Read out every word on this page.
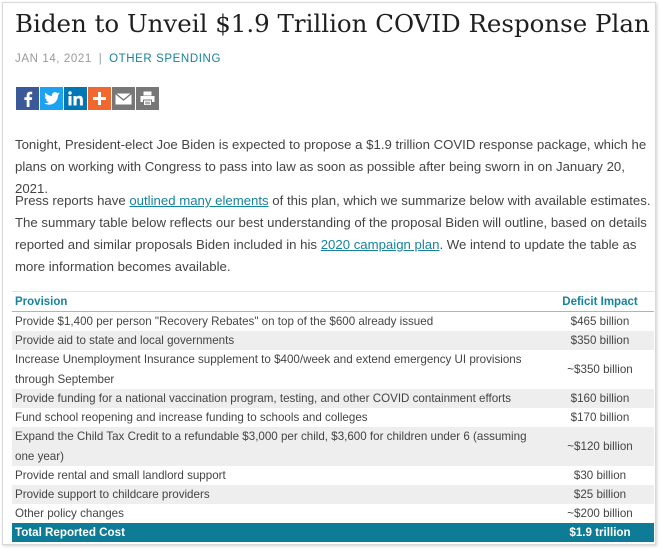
Biden to Unveil $1.9 Trillion COVID Response Plan
JAN 14, 2021 | OTHER SPENDING

Tonight, President-elect Joe Biden is expected to propose a $1.9 trillion COVID response package, which he plans on working with Congress to pass into law as soon as possible after being sworn in on January 20, 2021.

Press reports have outlined many elements of this plan, which we summarize below with available estimates. The summary table below reflects our best understanding of the proposal Biden will outline, based on details reported and similar proposals Biden included in his 2020 campaign plan. We intend to update the table as more information becomes available.

Provision	Deficit Impact
Provide $1,400 per person "Recovery Rebates" on top of the $600 already issued	$465 billion
Provide aid to state and local governments	$350 billion
Increase Unemployment Insurance supplement to $400/week and extend emergency UI provisions through September	~$350 billion
Provide funding for a national vaccination program, testing, and other COVID containment efforts	$160 billion
Fund school reopening and increase funding to schools and colleges	$170 billion
Expand the Child Tax Credit to a refundable $3,000 per child, $3,600 for children under 6 (assuming one year)	~$120 billion
Provide rental and small landlord support	$30 billion
Provide support to childcare providers	$25 billion
Other policy changes	~$200 billion
Total Reported Cost	$1.9 trillion
